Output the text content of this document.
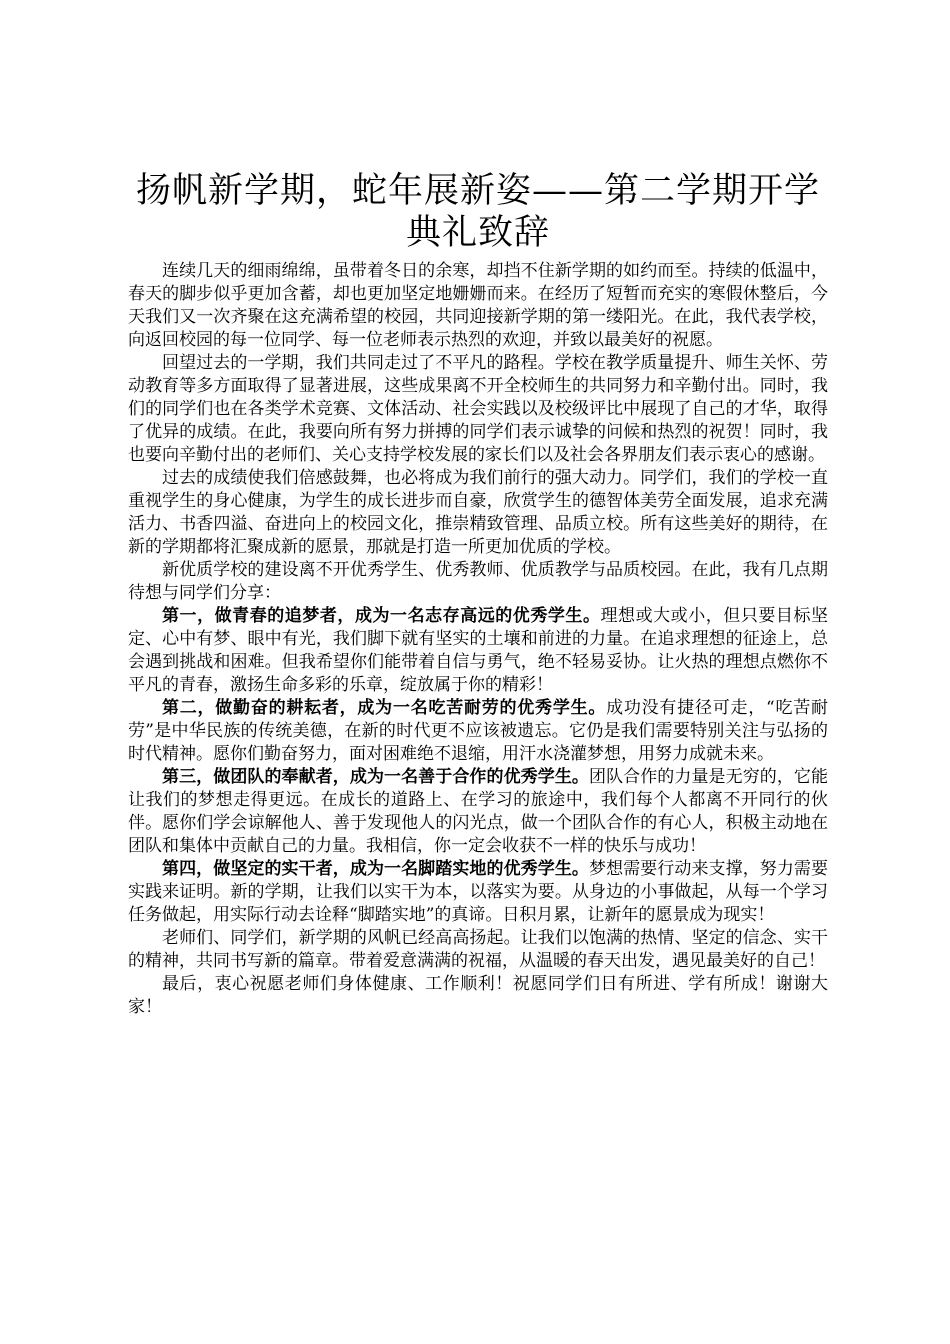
扬帆新学期，蛇年展新姿——第二学期开学典礼致辞

连续几天的细雨绵绵，虽带着冬日的余寒，却挡不住新学期的如约而至。持续的低温中，春天的脚步似乎更加含蓄，却也更加坚定地姗姗而来。在经历了短暂而充实的寒假休整后，今天我们又一次齐聚在这充满希望的校园，共同迎接新学期的第一缕阳光。在此，我代表学校，向返回校园的每一位同学、每一位老师表示热烈的欢迎，并致以最美好的祝愿。

回望过去的一学期，我们共同走过了不平凡的路程。学校在教学质量提升、师生关怀、劳动教育等多方面取得了显著进展，这些成果离不开全校师生的共同努力和辛勤付出。同时，我们的同学们也在各类学术竞赛、文体活动、社会实践以及校级评比中展现了自己的才华，取得了优异的成绩。在此，我要向所有努力拼搏的同学们表示诚挚的问候和热烈的祝贺！同时，我也要向辛勤付出的老师们、关心支持学校发展的家长们以及社会各界朋友们表示衷心的感谢。

过去的成绩使我们倍感鼓舞，也必将成为我们前行的强大动力。同学们，我们的学校一直重视学生的身心健康，为学生的成长进步而自豪，欣赏学生的德智体美劳全面发展，追求充满活力、书香四溢、奋进向上的校园文化，推崇精致管理、品质立校。所有这些美好的期待，在新的学期都将汇聚成新的愿景，那就是打造一所更加优质的学校。

新优质学校的建设离不开优秀学生、优秀教师、优质教学与品质校园。在此，我有几点期待想与同学们分享：

第一，做青春的追梦者，成为一名志存高远的优秀学生。理想或大或小，但只要目标坚定、心中有梦、眼中有光，我们脚下就有坚实的土壤和前进的力量。在追求理想的征途上，总会遇到挑战和困难。但我希望你们能带着自信与勇气，绝不轻易妥协。让火热的理想点燃你不平凡的青春，激扬生命多彩的乐章，绽放属于你的精彩！

第二，做勤奋的耕耘者，成为一名吃苦耐劳的优秀学生。成功没有捷径可走，“吃苦耐劳”是中华民族的传统美德，在新的时代更不应该被遗忘。它仍是我们需要特别关注与弘扬的时代精神。愿你们勤奋努力，面对困难绝不退缩，用汗水浇灌梦想，用努力成就未来。

第三，做团队的奉献者，成为一名善于合作的优秀学生。团队合作的力量是无穷的，它能让我们的梦想走得更远。在成长的道路上、在学习的旅途中，我们每个人都离不开同行的伙伴。愿你们学会谅解他人、善于发现他人的闪光点，做一个团队合作的有心人，积极主动地在团队和集体中贡献自己的力量。我相信，你一定会收获不一样的快乐与成功！

第四，做坚定的实干者，成为一名脚踏实地的优秀学生。梦想需要行动来支撑，努力需要实践来证明。新的学期，让我们以实干为本，以落实为要。从身边的小事做起，从每一个学习任务做起，用实际行动去诠释“脚踏实地”的真谛。日积月累，让新年的愿景成为现实！

老师们、同学们，新学期的风帆已经高高扬起。让我们以饱满的热情、坚定的信念、实干的精神，共同书写新的篇章。带着爱意满满的祝福，从温暖的春天出发，遇见最美好的自己！

最后，衷心祝愿老师们身体健康、工作顺利！祝愿同学们日有所进、学有所成！谢谢大家！
